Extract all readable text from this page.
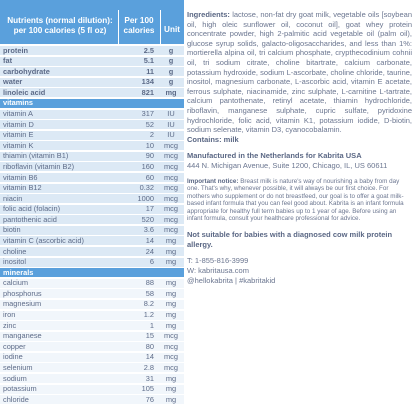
Nutrients (normal dilution): per 100 calories (5 fl oz)
Per 100 calories	Unit
protein	2.5	g
fat	5.1	g
carbohydrate	11	g
water	134	g
linoleic acid	821	mg
vitamins
vitamin A	317	IU
vitamin D	52	IU
vitamin E	2	IU
vitamin K	10	mcg
thiamin (vitamin B1)	90	mcg
riboflavin (vitamin B2)	160	mcg
vitamin B6	60	mcg
vitamin B12	0.32	mcg
niacin	1000	mcg
folic acid (folacin)	17	mcg
pantothenic acid	520	mcg
biotin	3.6	mcg
vitamin C (ascorbic acid)	14	mg
choline	24	mg
inositol	6	mg
minerals
calcium	88	mg
phosphorus	58	mg
magnesium	8.2	mg
iron	1.2	mg
zinc	1	mg
manganese	15	mcg
copper	80	mcg
iodine	14	mcg
selenium	2.8	mcg
sodium	31	mg
potassium	105	mg
chloride	76	mg

Ingredients: lactose, non-fat dry goat milk, vegetable oils [soybean oil, high oleic sunflower oil, coconut oil], goat whey protein concentrate powder, high 2-palmitic acid vegetable oil (palm oil), glucose syrup solids, galacto-oligosaccharides, and less than 1%: mortierella alpina oil, tri calcium phosphate, crypthecodinium cohnii oil, tri sodium citrate, choline bitartrate, calcium carbonate, potassium hydroxide, sodium L-ascorbate, choline chloride, taurine, inositol, magnesium carbonate, L-ascorbic acid, vitamin E acetate, ferrous sulphate, niacinamide, zinc sulphate, L-carnitine L-tartrate, calcium pantothenate, retinyl acetate, thiamin hydrochloride, riboflavin, manganese sulphate, cupric sulfate, pyridoxine hydrochloride, folic acid, vitamin K1, potassium iodide, D-biotin, sodium selenate, vitamin D3, cyanocobalamin.
Contains: milk

Manufactured in the Netherlands for Kabrita USA
444 N. Michigan Avenue, Suite 1200, Chicago, IL, US 60611

Important notice: Breast milk is nature's way of nourishing a baby from day one. That's why, whenever possible, it will always be our first choice. For mothers who supplement or do not breastfeed, our goal is to offer a goat milk-based infant formula that you can feel good about. Kabrita is an infant formula appropriate for healthy full term babies up to 1 year of age. Before using an infant formula, consult your healthcare professional for advice.

Not suitable for babies with a diagnosed cow milk protein allergy.

T: 1-855-816-3999
W: kabritausa.com
@hellokabrita | #kabritakid
